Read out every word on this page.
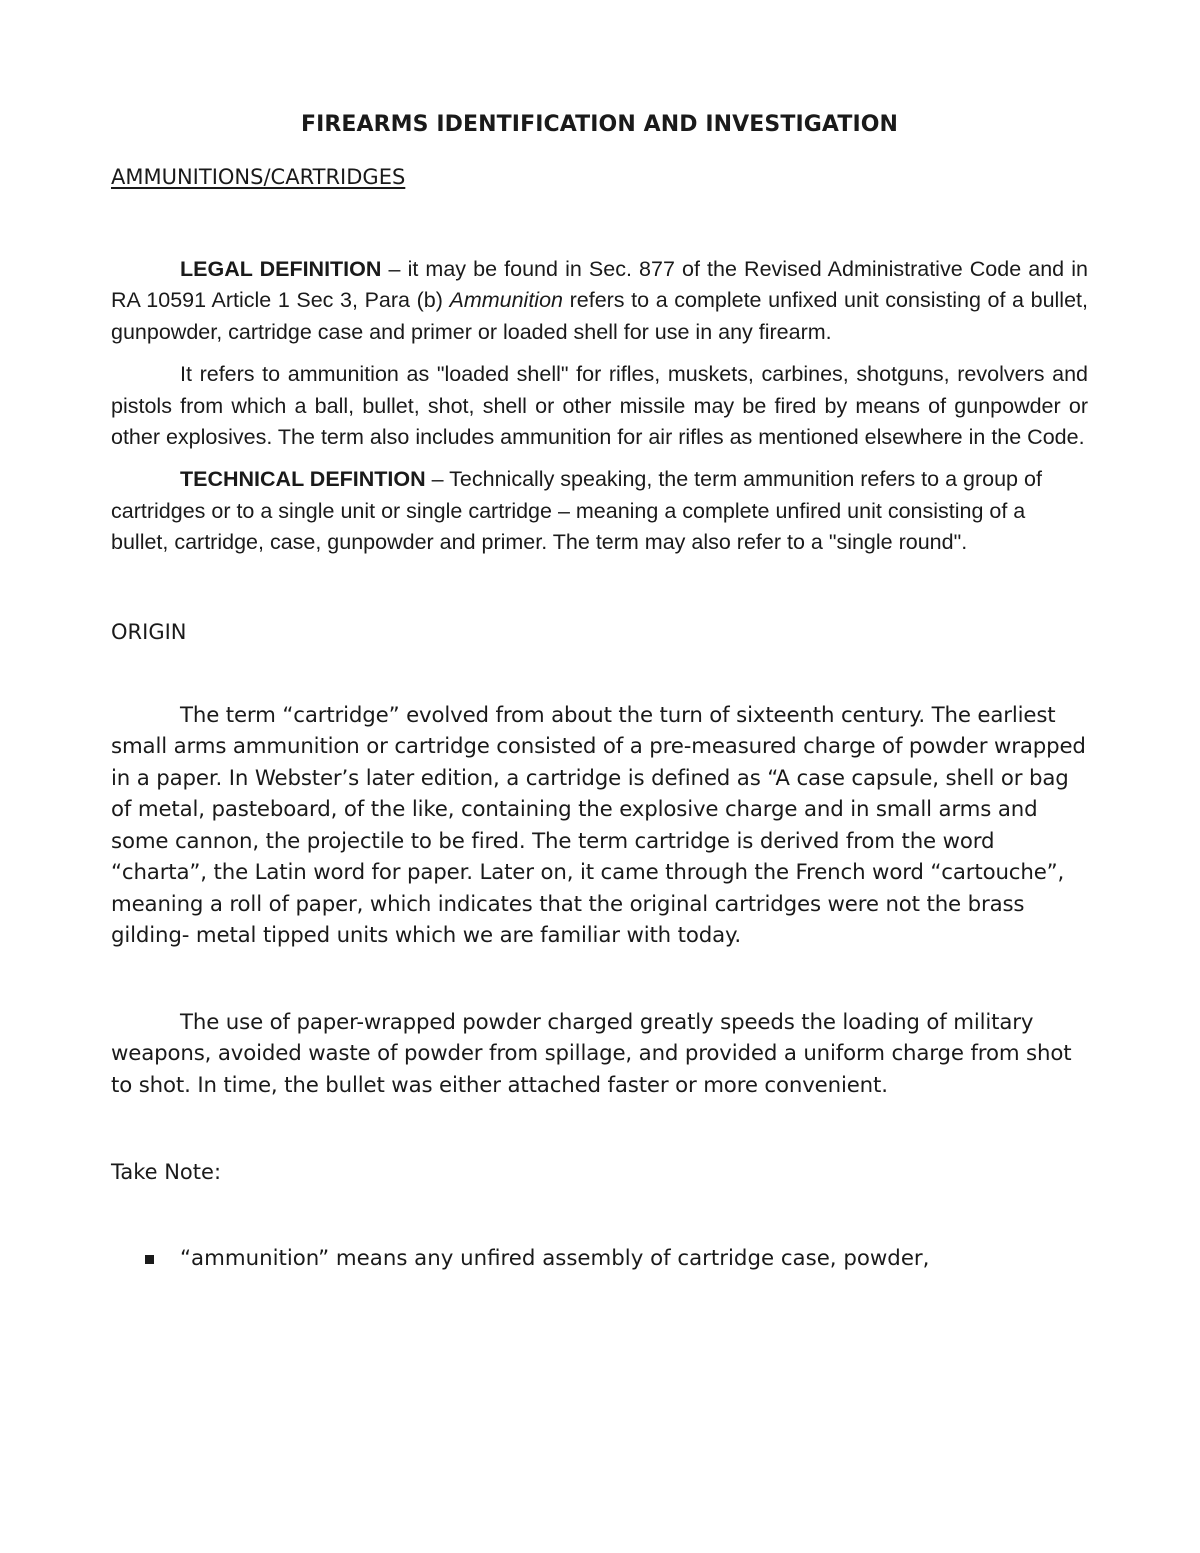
FIREARMS IDENTIFICATION AND INVESTIGATION
AMMUNITIONS/CARTRIDGES

LEGAL DEFINITION – it may be found in Sec. 877 of the Revised Administrative Code and in RA 10591 Article 1 Sec 3, Para (b) Ammunition refers to a complete unfixed unit consisting of a bullet, gunpowder, cartridge case and primer or loaded shell for use in any firearm.

It refers to ammunition as "loaded shell" for rifles, muskets, carbines, shotguns, revolvers and pistols from which a ball, bullet, shot, shell or other missile may be fired by means of gunpowder or other explosives. The term also includes ammunition for air rifles as mentioned elsewhere in the Code.

TECHNICAL DEFINTION – Technically speaking, the term ammunition refers to a group of cartridges or to a single unit or single cartridge – meaning a complete unfired unit consisting of a bullet, cartridge, case, gunpowder and primer. The term may also refer to a "single round".

ORIGIN

The term “cartridge” evolved from about the turn of sixteenth century. The earliest small arms ammunition or cartridge consisted of a pre-measured charge of powder wrapped in a paper. In Webster’s later edition, a cartridge is defined as “A case capsule, shell or bag of metal, pasteboard, of the like, containing the explosive charge and in small arms and some cannon, the projectile to be fired. The term cartridge is derived from the word “charta”, the Latin word for paper. Later on, it came through the French word “cartouche”, meaning a roll of paper, which indicates that the original cartridges were not the brass gilding- metal tipped units which we are familiar with today.

The use of paper-wrapped powder charged greatly speeds the loading of military weapons, avoided waste of powder from spillage, and provided a uniform charge from shot to shot. In time, the bullet was either attached faster or more convenient.

Take Note:
“ammunition” means any unfired assembly of cartridge case, powder,
